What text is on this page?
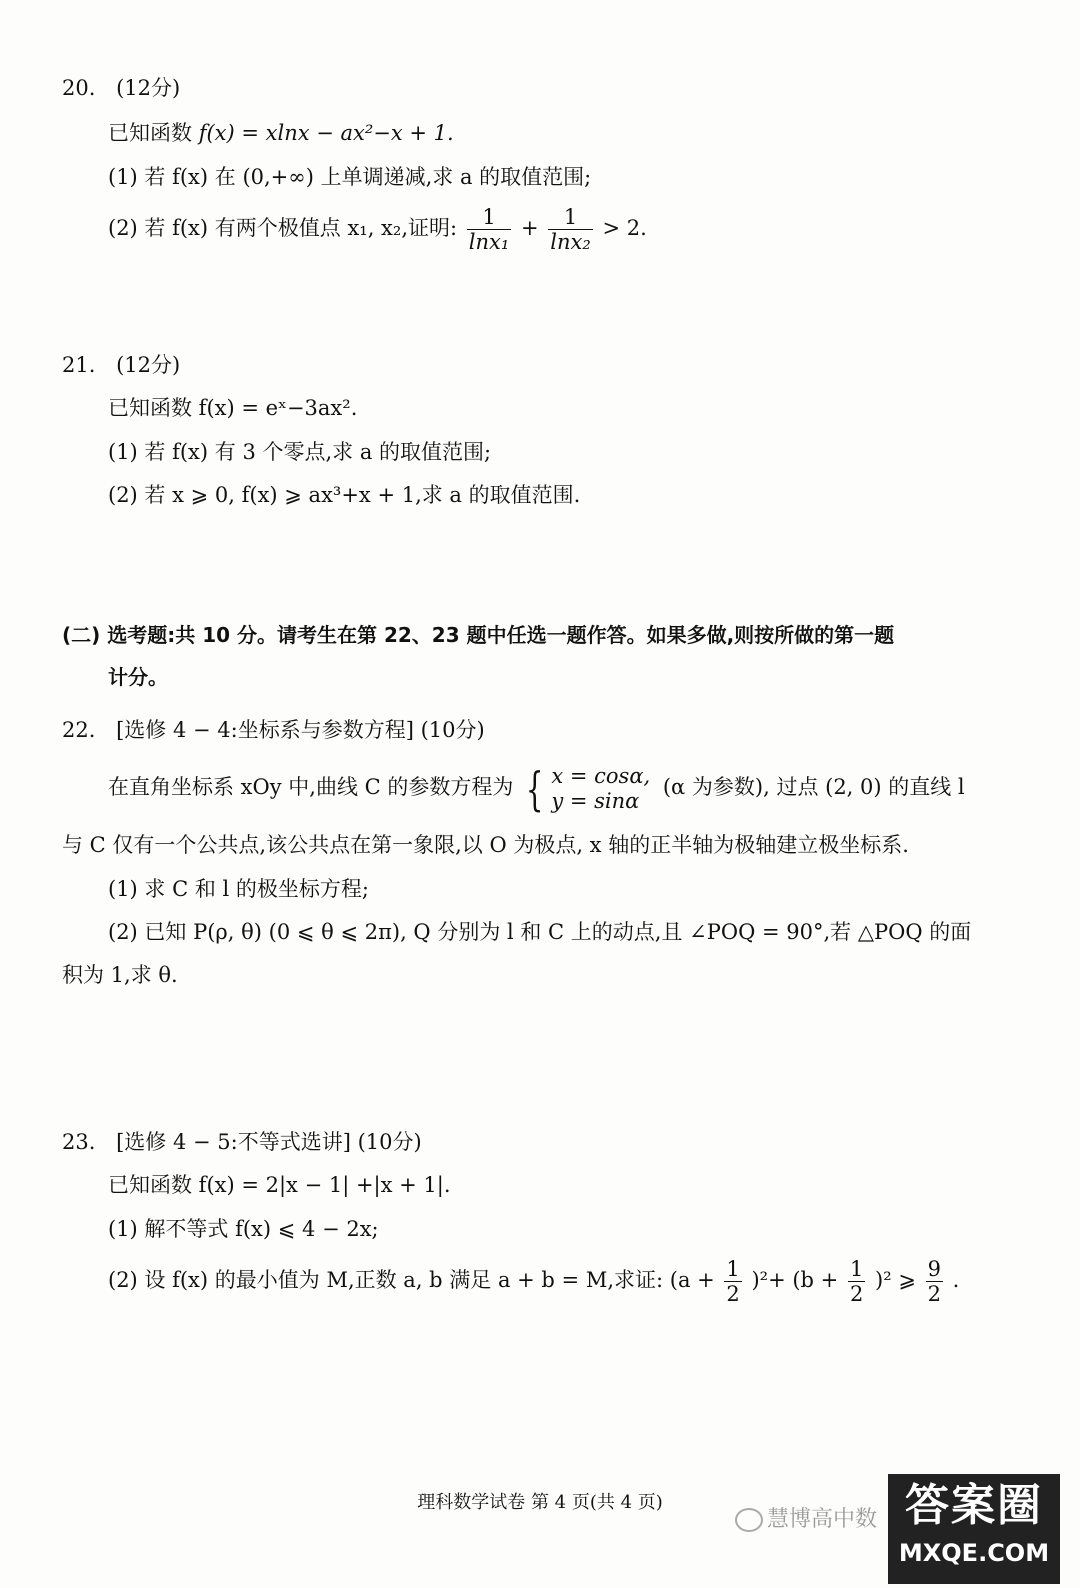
20. (12分)
已知函数 f(x) = xlnx − ax²−x + 1.
(1) 若 f(x) 在 (0,+∞) 上单调递减,求 a 的取值范围;
(2) 若 f(x) 有两个极值点 x₁, x₂,证明: $\frac{1}{\text{lnx₁}} + \frac{1}{\text{lnx₂}} > 2$.
21. (12分)
已知函数 f(x) = eˣ−3ax².
(1) 若 f(x) 有 3 个零点,求 a 的取值范围;
(2) 若 x ⩾ 0, f(x) ⩾ ax³+x + 1,求 a 的取值范围.
(二) 选考题:共 10 分。请考生在第 22、23 题中任选一题作答。如果多做,则按所做的第一题
计分。
22. [选修 4 − 4:坐标系与参数方程] (10分)
在直角坐标系 xOy 中,曲线 C 的参数方程为 { x = cosα,
y = sinα
(α 为参数), 过点 (2, 0) 的直线 l
与 C 仅有一个公共点,该公共点在第一象限,以 O 为极点, x 轴的正半轴为极轴建立极坐标系.
(1) 求 C 和 l 的极坐标方程;
(2) 已知 P(ρ, θ) (0 ⩽ θ ⩽ 2π), Q 分别为 l 和 C 上的动点,且 ∠POQ = 90°,若 △POQ 的面
积为 1,求 θ.
23. [选修 4 − 5:不等式选讲] (10分)
已知函数 f(x) = 2|x − 1| +|x + 1|.
(1) 解不等式 f(x) ⩽ 4 − 2x;
(2) 设 f(x) 的最小值为 M,正数 a, b 满足 a + b = M,求证: $(a + \frac{1}{2} )^2+ (b + \frac{1}{2} )^2$ ⩾ $\frac{9}{2}$ .
理科数学试卷 第 4 页(共 4 页)
慧博高中数 答案圈
MXQE.COM
